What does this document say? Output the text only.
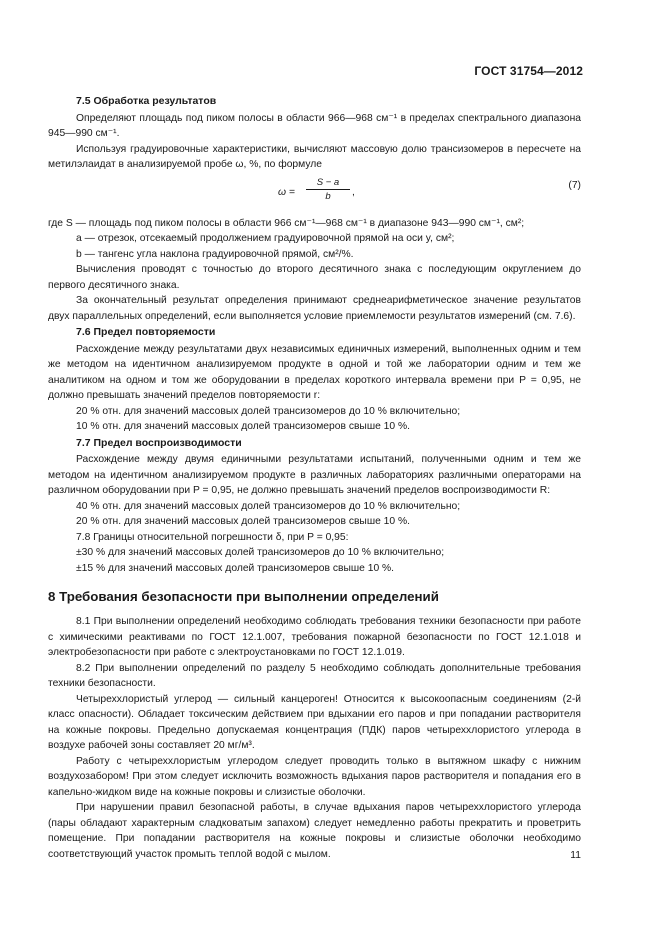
ГОСТ 31754—2012
7.5 Обработка результатов

Определяют площадь под пиком полосы в области 966—968 см⁻¹ в пределах спектрального диапазона 945—990 см⁻¹.

Используя градуировочные характеристики, вычисляют массовую долю трансизомеров в пересчете на метилэлаидат в анализируемой пробе ω, %, по формуле

$\omega = \frac{S - a}{b}$ ,
(7)

где S — площадь под пиком полосы в области 966 см⁻¹—968 см⁻¹ в диапазоне 943—990 см⁻¹, см²;

a — отрезок, отсекаемый продолжением градуировочной прямой на оси y, см²;

b — тангенс угла наклона градуировочной прямой, см²/%.

Вычисления проводят с точностью до второго десятичного знака с последующим округлением до первого десятичного знака.

За окончательный результат определения принимают среднеарифметическое значение результатов двух параллельных определений, если выполняется условие приемлемости результатов измерений (см. 7.6).

7.6 Предел повторяемости

Расхождение между результатами двух независимых единичных измерений, выполненных одним и тем же методом на идентичном анализируемом продукте в одной и той же лаборатории одним и тем же аналитиком на одном и том же оборудовании в пределах короткого интервала времени при P = 0,95, не должно превышать значений пределов повторяемости r:

20 % отн. для значений массовых долей трансизомеров до 10 % включительно;

10 % отн. для значений массовых долей трансизомеров свыше 10 %.

7.7 Предел воспроизводимости

Расхождение между двумя единичными результатами испытаний, полученными одним и тем же методом на идентичном анализируемом продукте в различных лабораториях различными операторами на различном оборудовании при P = 0,95, не должно превышать значений пределов воспроизводимости R:

40 % отн. для значений массовых долей трансизомеров до 10 % включительно;

20 % отн. для значений массовых долей трансизомеров свыше 10 %.

7.8 Границы относительной погрешности δ, при P = 0,95:

±30 % для значений массовых долей трансизомеров до 10 % включительно;

±15 % для значений массовых долей трансизомеров свыше 10 %.

8 Требования безопасности при выполнении определений

8.1 При выполнении определений необходимо соблюдать требования техники безопасности при работе с химическими реактивами по ГОСТ 12.1.007, требования пожарной безопасности по ГОСТ 12.1.018 и электробезопасности при работе с электроустановками по ГОСТ 12.1.019.

8.2 При выполнении определений по разделу 5 необходимо соблюдать дополнительные требования техники безопасности.

Четыреххлористый углерод — сильный канцероген! Относится к высокоопасным соединениям (2-й класс опасности). Обладает токсическим действием при вдыхании его паров и при попадании растворителя на кожные покровы. Предельно допускаемая концентрация (ПДК) паров четыреххлористого углерода в воздухе рабочей зоны составляет 20 мг/м³.

Работу с четыреххлористым углеродом следует проводить только в вытяжном шкафу с нижним воздухозабором! При этом следует исключить возможность вдыхания паров растворителя и попадания его в капельно-жидком виде на кожные покровы и слизистые оболочки.

При нарушении правил безопасной работы, в случае вдыхания паров четыреххлористого углерода (пары обладают характерным сладковатым запахом) следует немедленно работы прекратить и проветрить помещение. При попадании растворителя на кожные покровы и слизистые оболочки необходимо соответствующий участок промыть теплой водой с мылом.	11
